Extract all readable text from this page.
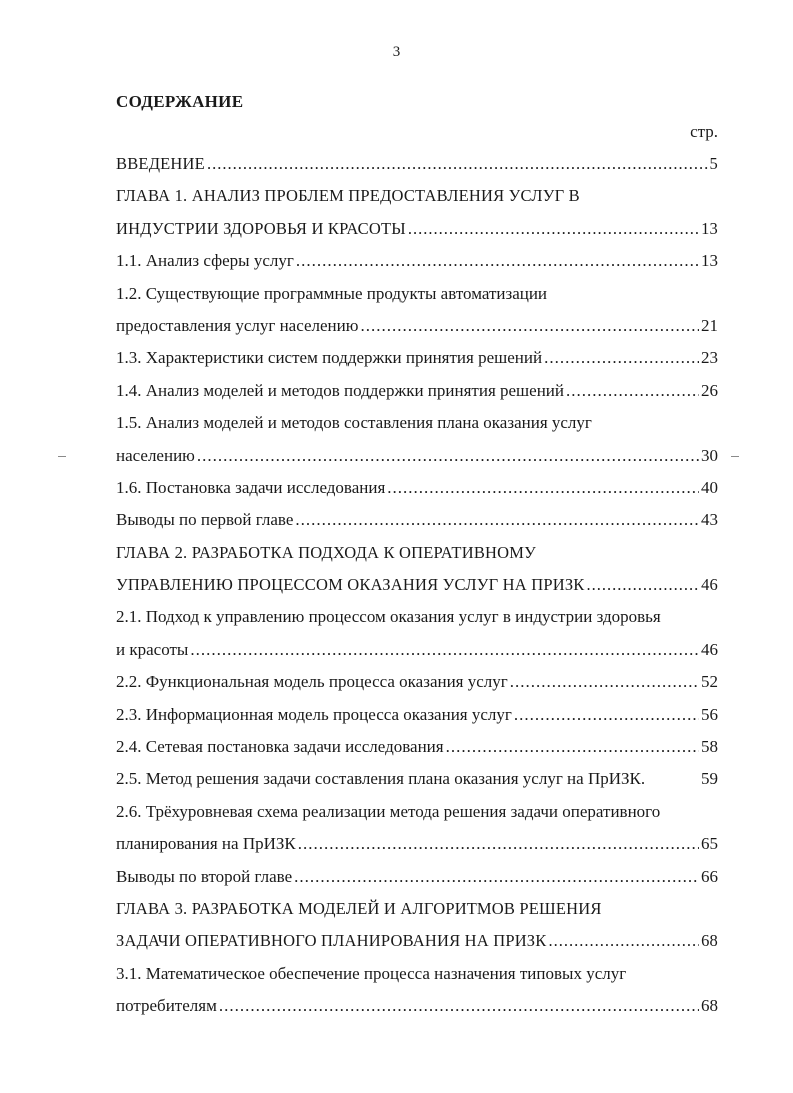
3
СОДЕРЖАНИЕ
стр.
ВВЕДЕНИЕ .....	5
ГЛАВА 1. АНАЛИЗ ПРОБЛЕМ ПРЕДОСТАВЛЕНИЯ УСЛУГ В
ИНДУСТРИИ ЗДОРОВЬЯ И КРАСОТЫ .....	13
1.1. Анализ сферы услуг .....	13
1.2. Существующие программные продукты автоматизации
предоставления услуг населению .....	21
1.3. Характеристики систем поддержки принятия решений .....	23
1.4. Анализ моделей и методов поддержки принятия решений .....	26
1.5. Анализ моделей и методов составления плана оказания услуг
населению .....	30
1.6. Постановка задачи исследования .....	40
Выводы по первой главе .....	43
ГЛАВА 2. РАЗРАБОТКА ПОДХОДА К ОПЕРАТИВНОМУ
УПРАВЛЕНИЮ ПРОЦЕССОМ ОКАЗАНИЯ УСЛУГ НА ПРИЗК .....	46
2.1. Подход к управлению процессом оказания услуг в индустрии здоровья
и красоты .....	46
2.2. Функциональная модель процесса оказания услуг .....	52
2.3. Информационная модель процесса оказания услуг .....	56
2.4. Сетевая постановка задачи исследования .....	58
2.5. Метод решения задачи составления плана оказания услуг на ПрИЗК.	59
2.6. Трёхуровневая схема реализации метода решения задачи оперативного
планирования на ПрИЗК .....	65
Выводы по второй главе .....	66
ГЛАВА 3. РАЗРАБОТКА МОДЕЛЕЙ И АЛГОРИТМОВ РЕШЕНИЯ
ЗАДАЧИ ОПЕРАТИВНОГО ПЛАНИРОВАНИЯ НА ПРИЗК .....	68
3.1. Математическое обеспечение процесса назначения типовых услуг
потребителям .....	68
